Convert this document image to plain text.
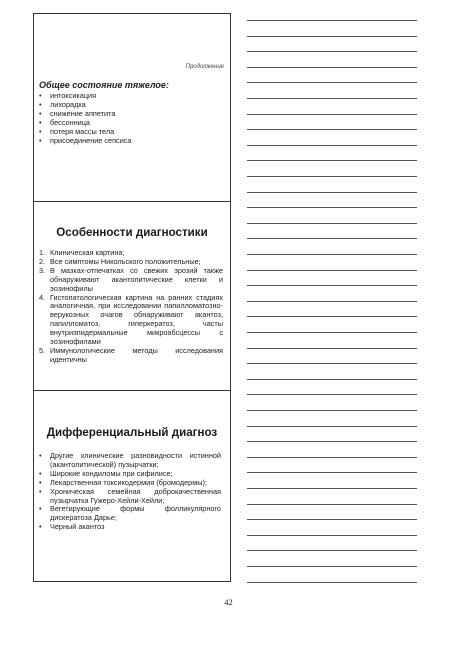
Продолжение
Общее состояние тяжелое:
• интоксикация
• лихорадка
• снижение аппетита
• бессонница
• потеря массы тела
• присоединение сепсиса
Особенности диагностики
1. Клиническая картина;
2. Все симптомы Никольского положительные;
3. В мазках-отпечатках со свежих эрозий также обнаруживают акантолитические клетки и эозинофилы
4. Гистопатологическая картина на ранних стадиях аналогичная, при исследовании папилломатозно-верукозных очагов обнаруживают акантоз, папилломатоз, гиперкератоз, часты внутриэпидермальные микроабсцессы с эозинофилами
5. Иммунологические методы исследования идентичны
Дифференциальный диагноз
• Другие клинические разновидности истинной (акантолитической) пузырчатки;
• Широкие кондиломы при сифилисе;
• Лекарственная токсикодермия (бромодермы);
• Хроническая семейная доброкачественная пузырчатка Гужеро-Хейли-Хейли;
• Вегетирующие формы фолликулярного дискератоза Дарье;
• Черный акантоз
42
